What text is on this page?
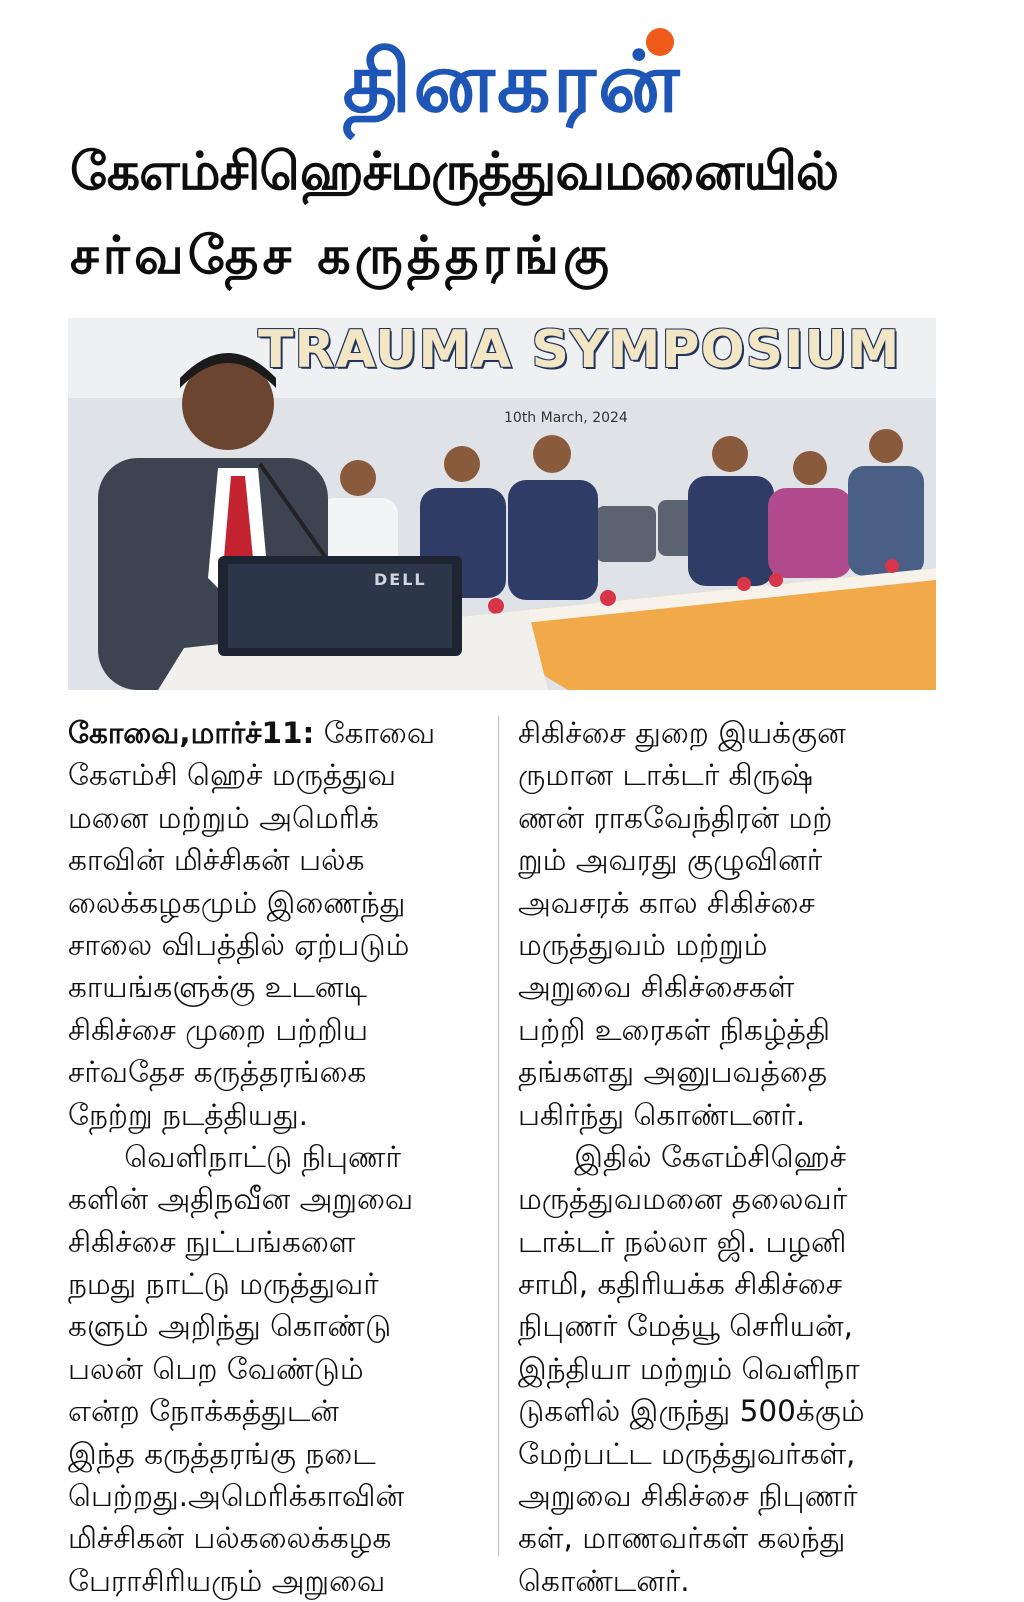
தினகரன்
கேஎம்சிஹெச்மருத்துவமனையில்
சர்வதேச கருத்தரங்கு
TRAUMA SYMPOSIUM
10th March, 2024
DELL
கோவை,மார்ச்11: கோவை
கேஎம்சி ஹெச் மருத்துவ
மனை மற்றும் அமெரிக்
காவின் மிச்சிகன் பல்க
லைக்கழகமும் இணைந்து
சாலை விபத்தில் ஏற்படும்
காயங்களுக்கு உடனடி
சிகிச்சை முறை பற்றிய
சர்வதேச கருத்தரங்கை
நேற்று நடத்தியது.
வெளிநாட்டு நிபுணர்
களின் அதிநவீன அறுவை
சிகிச்சை நுட்பங்களை
நமது நாட்டு மருத்துவர்
களும் அறிந்து கொண்டு
பலன் பெற வேண்டும்
என்ற நோக்கத்துடன்
இந்த கருத்தரங்கு நடை
பெற்றது.அமெரிக்காவின்
மிச்சிகன் பல்கலைக்கழக
பேராசிரியரும் அறுவை
சிகிச்சை துறை இயக்குன
ருமான டாக்டர் கிருஷ்
ணன் ராகவேந்திரன் மற்
றும் அவரது குழுவினர்
அவசரக் கால சிகிச்சை
மருத்துவம் மற்றும்
அறுவை சிகிச்சைகள்
பற்றி உரைகள் நிகழ்த்தி
தங்களது அனுபவத்தை
பகிர்ந்து கொண்டனர்.
இதில் கேஎம்சிஹெச்
மருத்துவமனை தலைவர்
டாக்டர் நல்லா ஜி. பழனி
சாமி, கதிரியக்க சிகிச்சை
நிபுணர் மேத்யூ செரியன்,
இந்தியா மற்றும் வெளிநா
டுகளில் இருந்து 500க்கும்
மேற்பட்ட மருத்துவர்கள்,
அறுவை சிகிச்சை நிபுணர்
கள், மாணவர்கள் கலந்து
கொண்டனர்.
